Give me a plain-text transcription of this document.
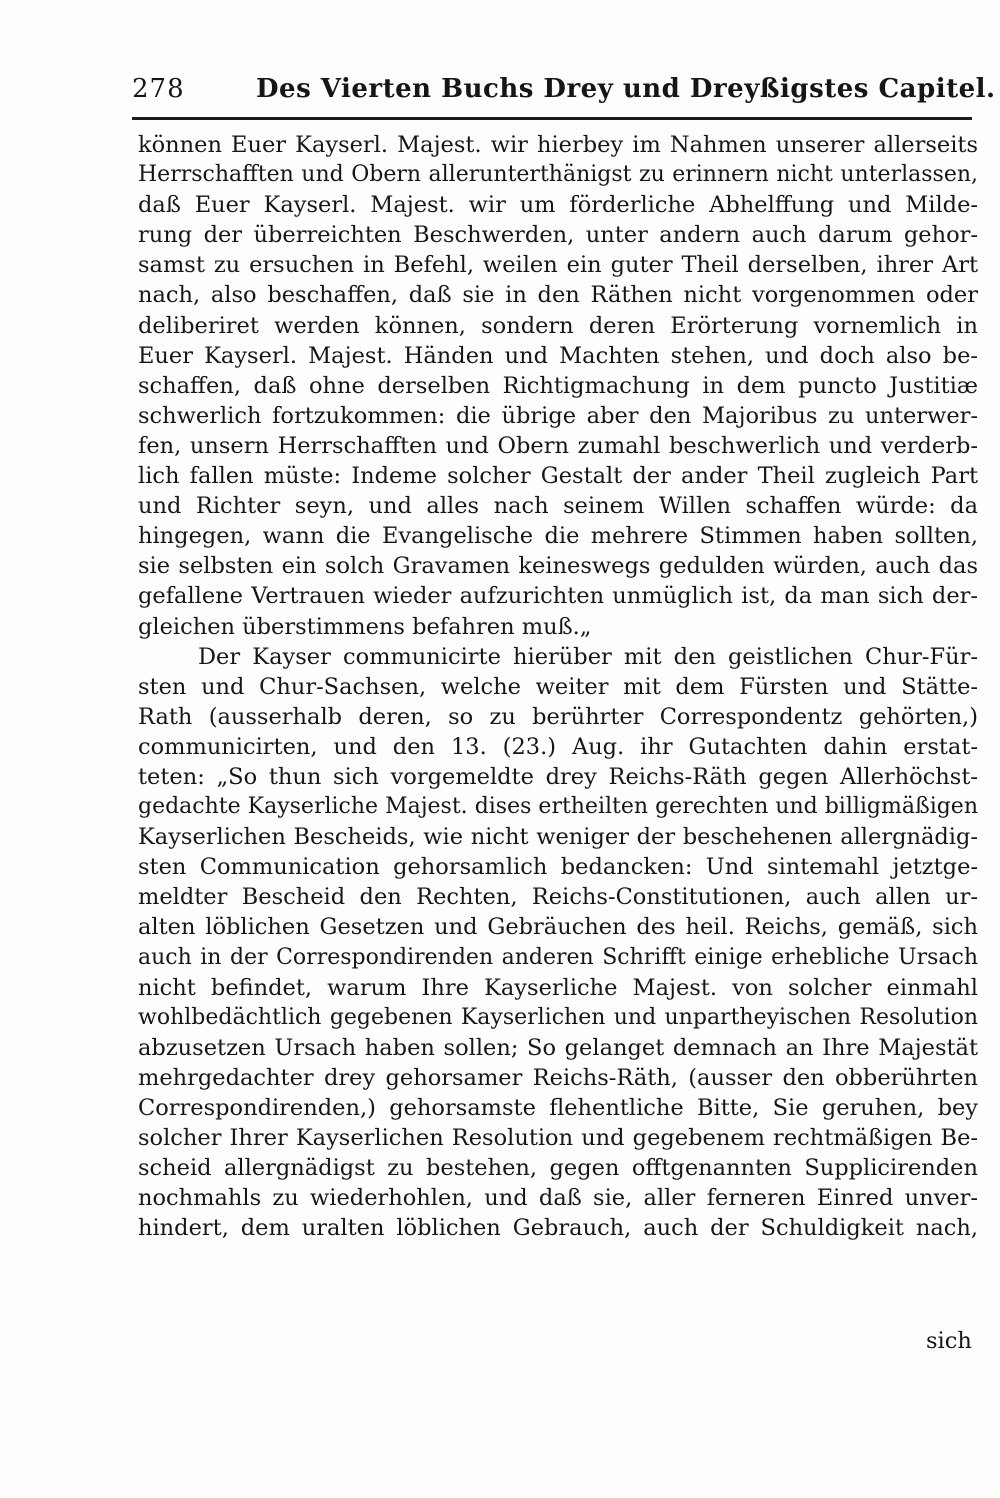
278	Des Vierten Buchs Drey und Dreyßigstes Capitel.
können Euer Kayserl. Majest. wir hierbey im Nahmen unserer allerseits
Herrschafften und Obern allerunterthänigst zu erinnern nicht unterlassen,
daß Euer Kayserl. Majest. wir um förderliche Abhelffung und Milde-
rung der überreichten Beschwerden, unter andern auch darum gehor-
samst zu ersuchen in Befehl, weilen ein guter Theil derselben, ihrer Art
nach, also beschaffen, daß sie in den Räthen nicht vorgenommen oder
deliberiret werden können, sondern deren Erörterung vornemlich in
Euer Kayserl. Majest. Händen und Machten stehen, und doch also be-
schaffen, daß ohne derselben Richtigmachung in dem puncto Justitiæ
schwerlich fortzukommen: die übrige aber den Majoribus zu unterwer-
fen, unsern Herrschafften und Obern zumahl beschwerlich und verderb-
lich fallen müste: Indeme solcher Gestalt der ander Theil zugleich Part
und Richter seyn, und alles nach seinem Willen schaffen würde: da
hingegen, wann die Evangelische die mehrere Stimmen haben sollten,
sie selbsten ein solch Gravamen keineswegs gedulden würden, auch das
gefallene Vertrauen wieder aufzurichten unmüglich ist, da man sich der-
gleichen überstimmens befahren muß.„
Der Kayser communicirte hierüber mit den geistlichen Chur-Für-
sten und Chur-Sachsen, welche weiter mit dem Fürsten und Stätte-
Rath (ausserhalb deren, so zu berührter Correspondentz gehörten,)
communicirten, und den 13. (23.) Aug. ihr Gutachten dahin erstat-
teten: „So thun sich vorgemeldte drey Reichs-Räth gegen Allerhöchst-
gedachte Kayserliche Majest. dises ertheilten gerechten und billigmäßigen
Kayserlichen Bescheids, wie nicht weniger der beschehenen allergnädig-
sten Communication gehorsamlich bedancken: Und sintemahl jetztge-
meldter Bescheid den Rechten, Reichs-Constitutionen, auch allen ur-
alten löblichen Gesetzen und Gebräuchen des heil. Reichs, gemäß, sich
auch in der Correspondirenden anderen Schrifft einige erhebliche Ursach
nicht befindet, warum Ihre Kayserliche Majest. von solcher einmahl
wohlbedächtlich gegebenen Kayserlichen und unpartheyischen Resolution
abzusetzen Ursach haben sollen; So gelanget demnach an Ihre Majestät
mehrgedachter drey gehorsamer Reichs-Räth, (ausser den obberührten
Correspondirenden,) gehorsamste flehentliche Bitte, Sie geruhen, bey
solcher Ihrer Kayserlichen Resolution und gegebenem rechtmäßigen Be-
scheid allergnädigst zu bestehen, gegen offtgenannten Supplicirenden
nochmahls zu wiederhohlen, und daß sie, aller ferneren Einred unver-
hindert, dem uralten löblichen Gebrauch, auch der Schuldigkeit nach,
sich
